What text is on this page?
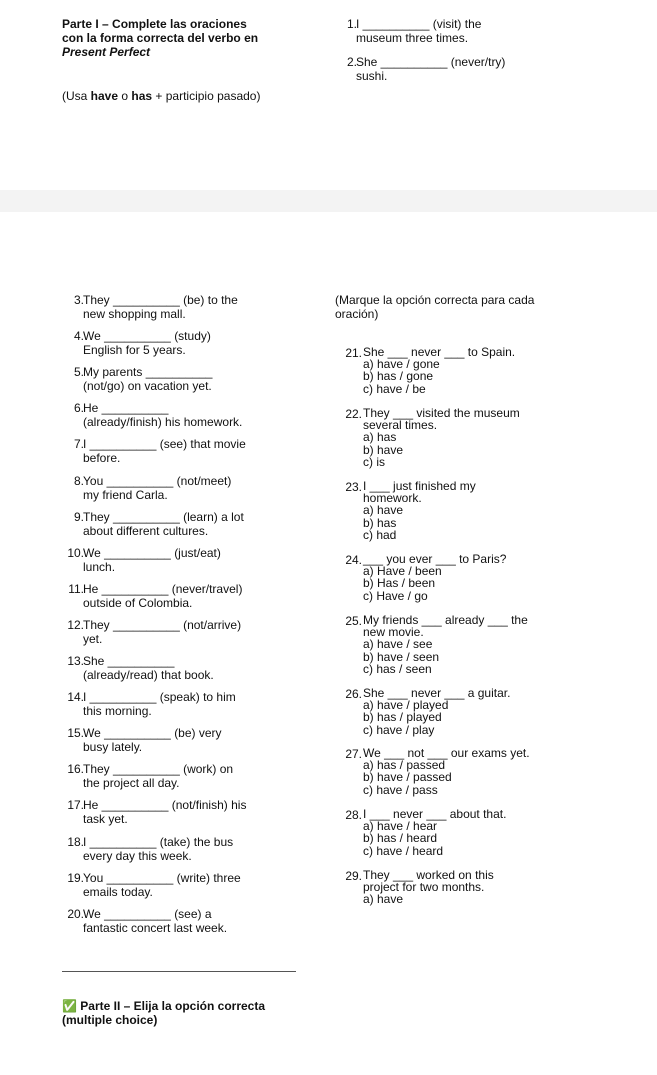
Parte I – Complete las oraciones
con la forma correcta del verbo en
Present Perfect
(Usa have o has + participio pasado)
1. I __________ (visit) the
museum three times.
2. She __________ (never/try)
sushi.
3. They __________ (be) to the
new shopping mall.
4. We __________ (study)
English for 5 years.
5. My parents __________
(not/go) on vacation yet.
6. He __________
(already/finish) his homework.
7. I __________ (see) that movie
before.
8. You __________ (not/meet)
my friend Carla.
9. They __________ (learn) a lot
about different cultures.
10. We __________ (just/eat)
lunch.
11. He __________ (never/travel)
outside of Colombia.
12. They __________ (not/arrive)
yet.
13. She __________
(already/read) that book.
14. I __________ (speak) to him
this morning.
15. We __________ (be) very
busy lately.
16. They __________ (work) on
the project all day.
17. He __________ (not/finish) his
task yet.
18. I __________ (take) the bus
every day this week.
19. You __________ (write) three
emails today.
20. We __________ (see) a
fantastic concert last week.
✅ Parte II – Elija la opción correcta
(multiple choice)
(Marque la opción correcta para cada
oración)
21. She ___ never ___ to Spain.
a) have / gone
b) has / gone
c) have / be
22. They ___ visited the museum
several times.
a) has
b) have
c) is
23. I ___ just finished my
homework.
a) have
b) has
c) had
24. ___ you ever ___ to Paris?
a) Have / been
b) Has / been
c) Have / go
25. My friends ___ already ___ the
new movie.
a) have / see
b) have / seen
c) has / seen
26. She ___ never ___ a guitar.
a) have / played
b) has / played
c) have / play
27. We ___ not ___ our exams yet.
a) has / passed
b) have / passed
c) have / pass
28. I ___ never ___ about that.
a) have / hear
b) has / heard
c) have / heard
29. They ___ worked on this
project for two months.
a) have
